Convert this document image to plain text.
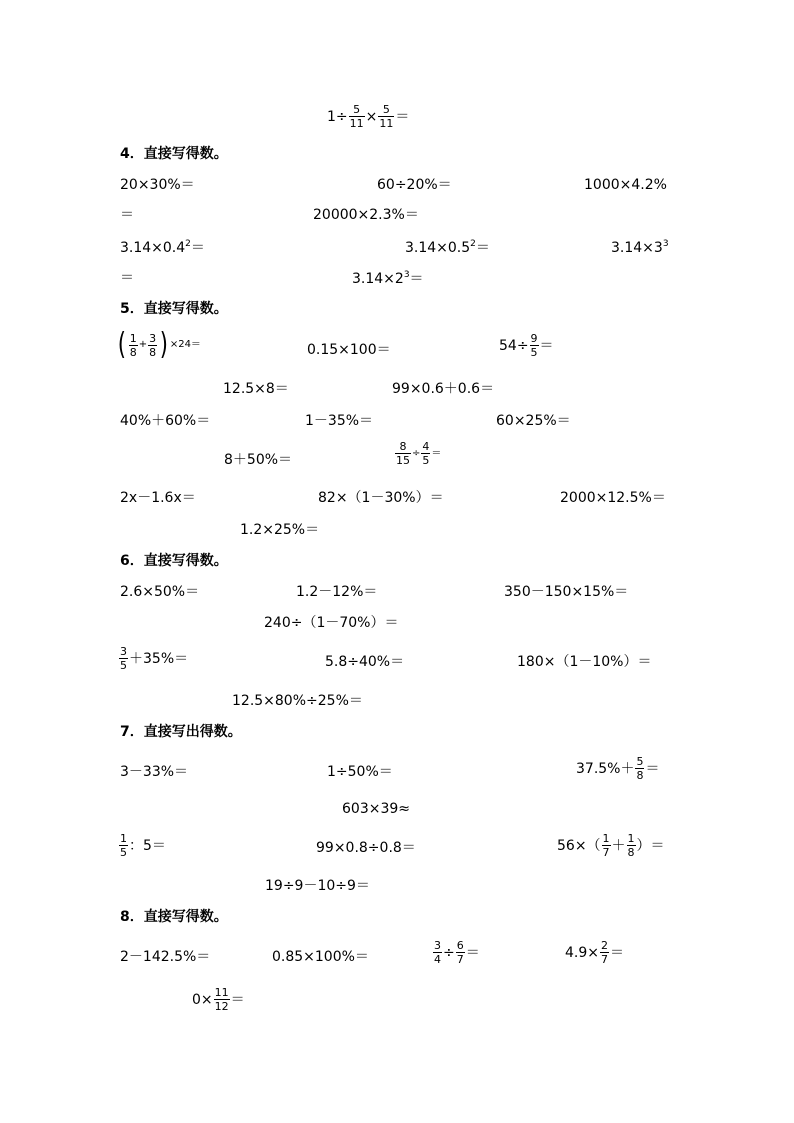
$1\div \frac{5}{11} \times \frac{5}{11}$ ＝
4．直接写得数。
20×30%＝	60÷20%＝	1000×4.2%
＝	20000×2.3%＝
$3.14\times 0.4^2=$	$3.14\times 0.5^2=$	$3.14\times 3^3$
＝	$3.14\times 2^3=$
5．直接写得数。
( 1
8
+ $\frac{3}{8}$ ) ×24＝	0.15×100＝	$54\div \frac{9}{5}$ ＝
12.5×8＝	99×0.6＋0.6＝
40%＋60%＝	1－35%＝	60×25%＝
8＋50%＝	$\frac{8}{15} \div \frac{4}{5}$ ＝
2x－1.6x＝	82×（1－30%）＝	2000×12.5%＝
1.2×25%＝
6．直接写得数。
2.6×50%＝	1.2－12%＝	350－150×15%＝
240÷（1－70%）＝
3
5 ＋35%＝	5.8÷40%＝	180×（1－10%）＝
12.5×80%÷25%＝
7．直接写出得数。
3－33%＝	1÷50%＝	37.5%＋ 5
8 ＝
603×39≈
1
5 ：5＝	99×0.8÷0.8＝	56×（ 1
7 ＋ 1
8 ）＝
19÷9－10÷9＝
8．直接写得数。
2－142.5%＝	0.85×100%＝	$\frac{3}{4} \div \frac{6}{7}$ ＝	$4.9\times \frac{2}{7}$ ＝
$0\times \frac{11}{12}$ ＝
